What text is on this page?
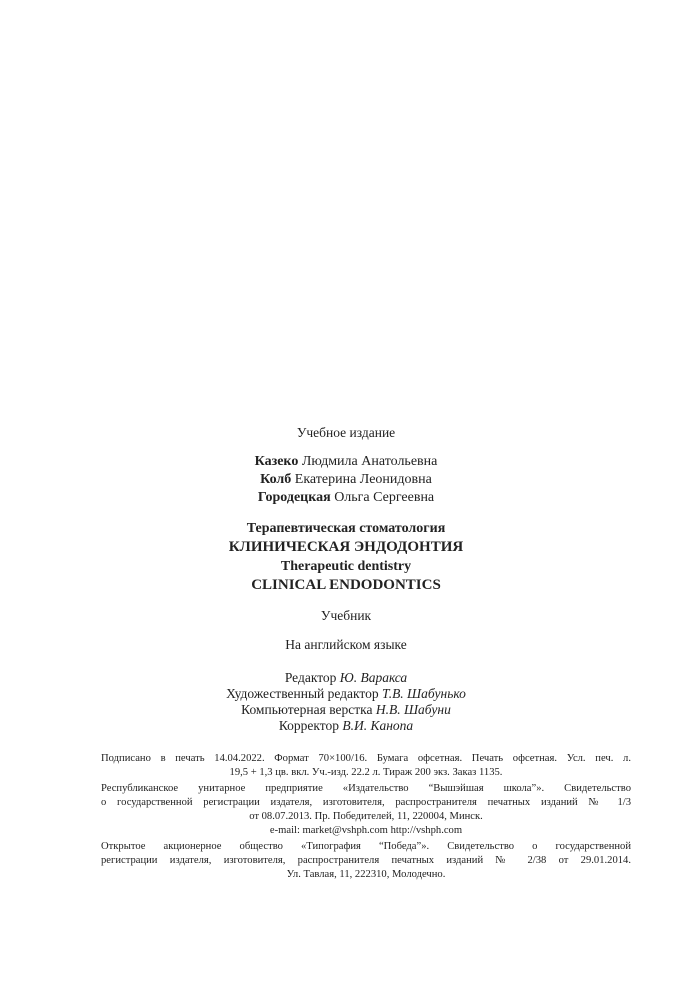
Учебное издание
Казеко Людмила Анатольевна
Колб Екатерина Леонидовна
Городецкая Ольга Сергеевна
Терапевтическая стоматология
КЛИНИЧЕСКАЯ ЭНДОДОНТИЯ
Therapeutic dentistry
CLINICAL ENDODONTICS
Учебник
На английском языке
Редактор Ю. Варакса
Художественный редактор Т.В. Шабунько
Компьютерная верстка Н.В. Шабуни
Корректор В.И. Канопа
Подписано в печать 14.04.2022. Формат 70×100/16. Бумага офсетная. Печать офсетная. Усл. печ. л.
19,5 + 1,3 цв. вкл. Уч.-изд. 22.2 л. Тираж 200 экз. Заказ 1135.
Республиканское унитарное предприятие «Издательство “Вышэйшая школа”». Свидетельство
о государственной регистрации издателя, изготовителя, распространителя печатных изданий № 1/3
от 08.07.2013. Пр. Победителей, 11, 220004, Минск.
e-mail: market@vshph.com http://vshph.com
Открытое акционерное общество «Типография “Победа”». Свидетельство о государственной
регистрации издателя, изготовителя, распространителя печатных изданий № 2/38 от 29.01.2014.
Ул. Тавлая, 11, 222310, Молодечно.
